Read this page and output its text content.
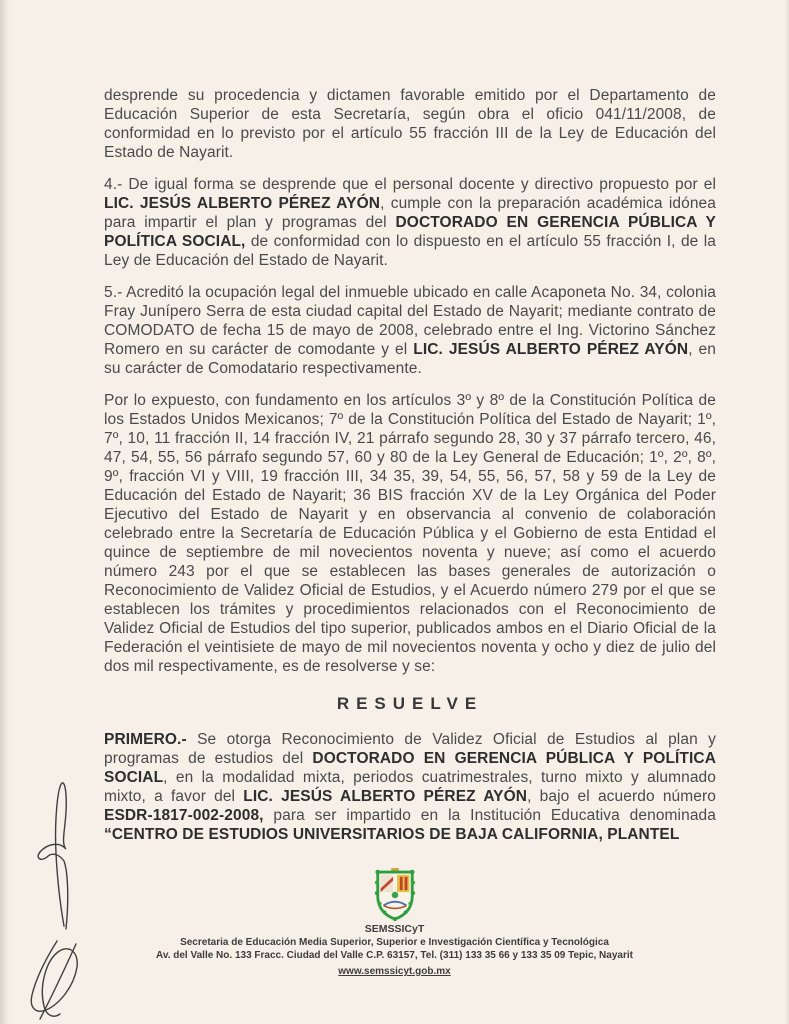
desprende su procedencia y dictamen favorable emitido por el Departamento de Educación Superior de esta Secretaría, según obra el oficio 041/11/2008, de conformidad en lo previsto por el artículo 55 fracción III de la Ley de Educación del Estado de Nayarit.

4.- De igual forma se desprende que el personal docente y directivo propuesto por el LIC. JESÚS ALBERTO PÉREZ AYÓN, cumple con la preparación académica idónea para impartir el plan y programas del DOCTORADO EN GERENCIA PÚBLICA Y POLÍTICA SOCIAL, de conformidad con lo dispuesto en el artículo 55 fracción I, de la Ley de Educación del Estado de Nayarit.

5.- Acreditó la ocupación legal del inmueble ubicado en calle Acaponeta No. 34, colonia Fray Junípero Serra de esta ciudad capital del Estado de Nayarit; mediante contrato de COMODATO de fecha 15 de mayo de 2008, celebrado entre el Ing. Victorino Sánchez Romero en su carácter de comodante y el LIC. JESÚS ALBERTO PÉREZ AYÓN, en su carácter de Comodatario respectivamente.

Por lo expuesto, con fundamento en los artículos 3º y 8º de la Constitución Política de los Estados Unidos Mexicanos; 7º de la Constitución Política del Estado de Nayarit; 1º, 7º, 10, 11 fracción II, 14 fracción IV, 21 párrafo segundo 28, 30 y 37 párrafo tercero, 46, 47, 54, 55, 56 párrafo segundo 57, 60 y 80 de la Ley General de Educación; 1º, 2º, 8º, 9º, fracción VI y VIII, 19 fracción III, 34 35, 39, 54, 55, 56, 57, 58 y 59 de la Ley de Educación del Estado de Nayarit; 36 BIS fracción XV de la Ley Orgánica del Poder Ejecutivo del Estado de Nayarit y en observancia al convenio de colaboración celebrado entre la Secretaría de Educación Pública y el Gobierno de esta Entidad el quince de septiembre de mil novecientos noventa y nueve; así como el acuerdo número 243 por el que se establecen las bases generales de autorización o Reconocimiento de Validez Oficial de Estudios, y el Acuerdo número 279 por el que se establecen los trámites y procedimientos relacionados con el Reconocimiento de Validez Oficial de Estudios del tipo superior, publicados ambos en el Diario Oficial de la Federación el veintisiete de mayo de mil novecientos noventa y ocho y diez de julio del dos mil respectivamente, es de resolverse y se:

RESUELVE

PRIMERO.- Se otorga Reconocimiento de Validez Oficial de Estudios al plan y programas de estudios del DOCTORADO EN GERENCIA PÚBLICA Y POLÍTICA SOCIAL, en la modalidad mixta, periodos cuatrimestrales, turno mixto y alumnado mixto, a favor del LIC. JESÚS ALBERTO PÉREZ AYÓN, bajo el acuerdo número ESDR-1817-002-2008, para ser impartido en la Institución Educativa denominada “CENTRO DE ESTUDIOS UNIVERSITARIOS DE BAJA CALIFORNIA, PLANTEL

SEMSSICyT
Secretaria de Educación Media Superior, Superior e Investigación Científica y Tecnológica
Av. del Valle No. 133 Fracc. Ciudad del Valle C.P. 63157, Tel. (311) 133 35 66 y 133 35 09 Tepic, Nayarit
www.semssicyt.gob.mx
